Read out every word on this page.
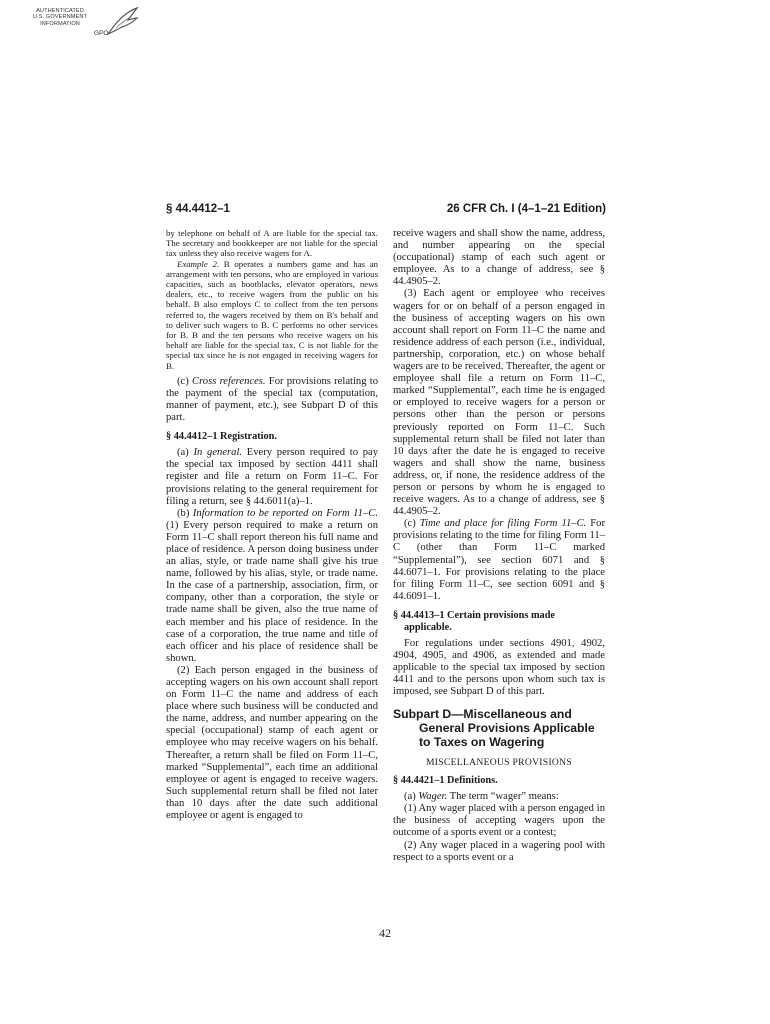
AUTHENTICATED
U.S. GOVERNMENT
INFORMATION
GPO
§ 44.4412–1	26 CFR Ch. I (4–1–21 Edition)

by telephone on behalf of A are liable for the special tax. The secretary and bookkeeper are not liable for the special tax unless they also receive wagers for A.

Example 2. B operates a numbers game and has an arrangement with ten persons, who are employed in various capacities, such as bootblacks, elevator operators, news dealers, etc., to receive wagers from the public on his behalf. B also employs C to collect from the ten persons referred to, the wagers received by them on B's behalf and to deliver such wagers to B. C performs no other services for B. B and the ten persons who receive wagers on his behalf are liable for the special tax. C is not liable for the special tax since he is not engaged in receiving wagers for B.

(c) Cross references. For provisions relating to the payment of the special tax (computation, manner of payment, etc.), see Subpart D of this part.

§ 44.4412–1 Registration.

(a) In general. Every person required to pay the special tax imposed by section 4411 shall register and file a return on Form 11–C. For provisions relating to the general requirement for filing a return, see § 44.6011(a)–1.

(b) Information to be reported on Form 11–C. (1) Every person required to make a return on Form 11–C shall report thereon his full name and place of residence. A person doing business under an alias, style, or trade name shall give his true name, followed by his alias, style, or trade name. In the case of a partnership, association, firm, or company, other than a corporation, the style or trade name shall be given, also the true name of each member and his place of residence. In the case of a corporation, the true name and title of each officer and his place of residence shall be shown.

(2) Each person engaged in the business of accepting wagers on his own account shall report on Form 11–C the name and address of each place where such business will be conducted and the name, address, and number appearing on the special (occupational) stamp of each agent or employee who may receive wagers on his behalf. Thereafter, a return shall be filed on Form 11–C, marked “Supplemental”, each time an additional employee or agent is engaged to receive wagers. Such supplemental return shall be filed not later than 10 days after the date such additional employee or agent is engaged to

receive wagers and shall show the name, address, and number appearing on the special (occupational) stamp of each such agent or employee. As to a change of address, see § 44.4905–2.

(3) Each agent or employee who receives wagers for or on behalf of a person engaged in the business of accepting wagers on his own account shall report on Form 11–C the name and residence address of each person (i.e., individual, partnership, corporation, etc.) on whose behalf wagers are to be received. Thereafter, the agent or employee shall file a return on Form 11–C, marked “Supplemental”, each time he is engaged or employed to receive wagers for a person or persons other than the person or persons previously reported on Form 11–C. Such supplemental return shall be filed not later than 10 days after the date he is engaged to receive wagers and shall show the name, business address, or, if none, the residence address of the person or persons by whom he is engaged to receive wagers. As to a change of address, see § 44.4905–2.

(c) Time and place for filing Form 11–C. For provisions relating to the time for filing Form 11–C (other than Form 11–C marked “Supplemental”), see section 6071 and § 44.6071–1. For provisions relating to the place for filing Form 11–C, see section 6091 and § 44.6091–1.

§ 44.4413–1 Certain provisions made
applicable.

For regulations under sections 4901, 4902, 4904, 4905, and 4906, as extended and made applicable to the special tax imposed by section 4411 and to the persons upon whom such tax is imposed, see Subpart D of this part.

Subpart D—Miscellaneous and
General Provisions Applicable
to Taxes on Wagering

MISCELLANEOUS PROVISIONS

§ 44.4421–1 Definitions.

(a) Wager. The term “wager” means:

(1) Any wager placed with a person engaged in the business of accepting wagers upon the outcome of a sports event or a contest;

(2) Any wager placed in a wagering pool with respect to a sports event or a

42
